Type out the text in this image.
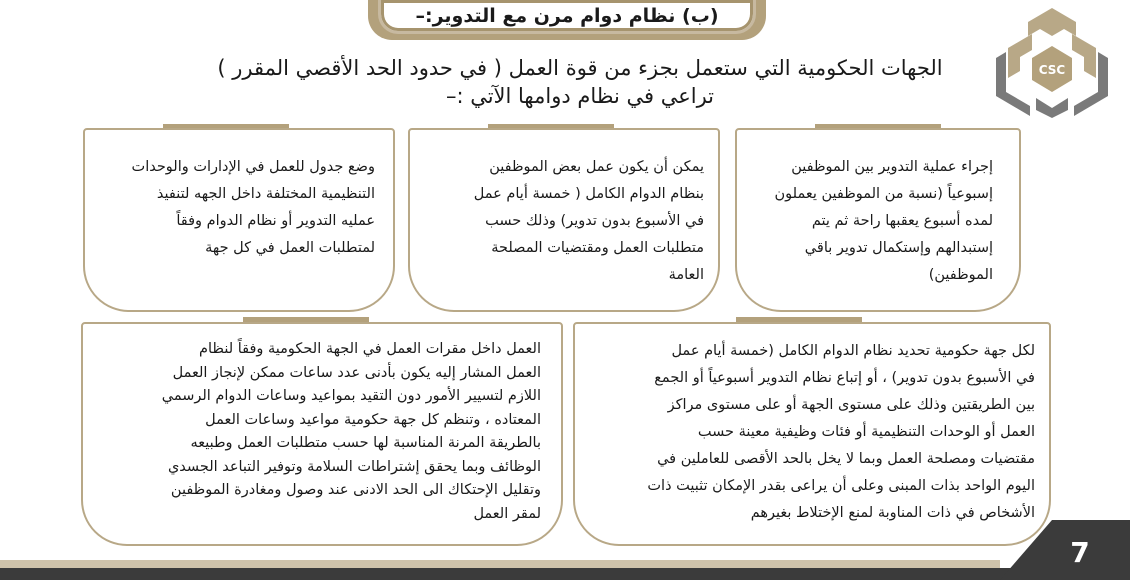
(ب) نظام دوام مرن مع التدوير:–
CSC
الجهات الحكومية التي ستعمل بجزء من قوة العمل ( في حدود الحد الأقصي المقرر )
تراعي في نظام دوامها الآتي :–
إجراء عملية التدوير بين الموظفين
إسبوعياً (نسبة من الموظفين يعملون
لمده أسبوع يعقبها راحة ثم يتم
إستبدالهم وإستكمال تدوير باقي
الموظفين)
يمكن أن يكون عمل بعض الموظفين
بنظام الدوام الكامل ( خمسة أيام عمل
في الأسبوع بدون تدوير) وذلك حسب
متطلبات العمل ومقتضيات المصلحة
العامة
وضع جدول للعمل في الإدارات والوحدات
التنظيمية المختلفة داخل الجهه لتنفيذ
عمليه التدوير أو نظام الدوام وفقاً
لمتطلبات العمل في كل جهة
لكل جهة حكومية تحديد نظام الدوام الكامل (خمسة أيام عمل
في الأسبوع بدون تدوير) ، أو إتباع نظام التدوير أسبوعياً أو الجمع
بين الطريقتين وذلك على مستوى الجهة أو على مستوى مراكز
العمل أو الوحدات التنظيمية أو فئات وظيفية معينة حسب
مقتضيات ومصلحة العمل وبما لا يخل بالحد الأقصى للعاملين في
اليوم الواحد بذات المبنى وعلى أن يراعى بقدر الإمكان تثبيت ذات
الأشخاص في ذات المناوبة لمنع الإختلاط بغيرهم
العمل داخل مقرات العمل في الجهة الحكومية وفقاً لنظام
العمل المشار إليه يكون بأدنى عدد ساعات ممكن لإنجاز العمل
اللازم لتسيير الأمور دون التقيد بمواعيد وساعات الدوام الرسمي
المعتاده ، وتنظم كل جهة حكومية مواعيد وساعات العمل
بالطريقة المرنة المناسبة لها حسب متطلبات العمل وطبيعه
الوظائف وبما يحقق إشتراطات السلامة وتوفير التباعد الجسدي
وتقليل الإحتكاك الى الحد الادنى عند وصول ومغادرة الموظفين
لمقر العمل
7
